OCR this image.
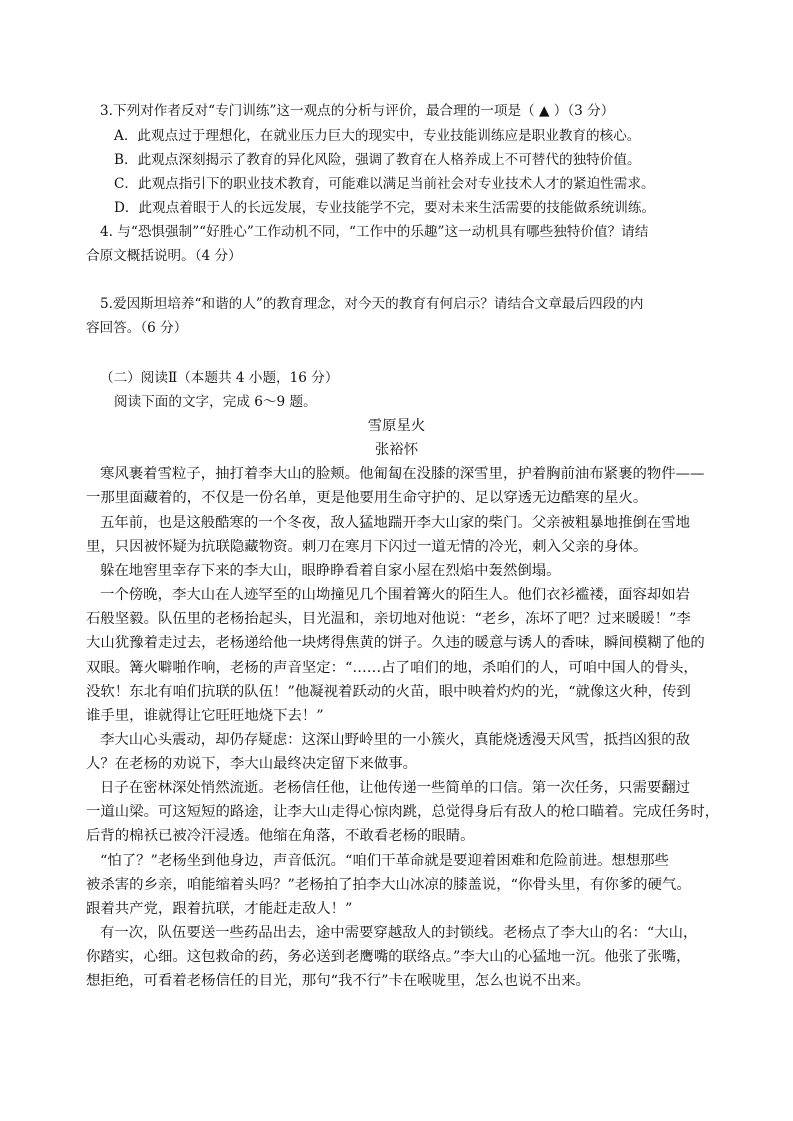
3.下列对作者反对“专门训练”这一观点的分析与评价，最合理的一项是（ ▲ ）（3 分）
A．此观点过于理想化，在就业压力巨大的现实中，专业技能训练应是职业教育的核心。
B．此观点深刻揭示了教育的异化风险，强调了教育在人格养成上不可替代的独特价值。
C．此观点指引下的职业技术教育，可能难以满足当前社会对专业技术人才的紧迫性需求。
D．此观点着眼于人的长远发展，专业技能学不完，要对未来生活需要的技能做系统训练。
4. 与“恐惧强制”“好胜心”工作动机不同，“工作中的乐趣”这一动机具有哪些独特价值？请结
合原文概括说明。（4 分）
5.爱因斯坦培养“和谐的人”的教育理念，对今天的教育有何启示？请结合文章最后四段的内
容回答。（6 分）
（二）阅读Ⅱ（本题共 4 小题，16 分）
阅读下面的文字，完成 6～9 题。
雪原星火
张裕怀
寒风裹着雪粒子，抽打着李大山的脸颊。他匍匐在没膝的深雪里，护着胸前油布紧裹的物件——
一那里面藏着的，不仅是一份名单，更是他要用生命守护的、足以穿透无边酷寒的星火。
五年前，也是这般酷寒的一个冬夜，敌人猛地踹开李大山家的柴门。父亲被粗暴地推倒在雪地
里，只因被怀疑为抗联隐藏物资。刺刀在寒月下闪过一道无情的冷光，刺入父亲的身体。
躲在地窖里幸存下来的李大山，眼睁睁看着自家小屋在烈焰中轰然倒塌。
一个傍晚，李大山在人迹罕至的山坳撞见几个围着篝火的陌生人。他们衣衫褴褛，面容却如岩
石般坚毅。队伍里的老杨抬起头，目光温和，亲切地对他说：“老乡，冻坏了吧？过来暖暖！”李
大山犹豫着走过去，老杨递给他一块烤得焦黄的饼子。久违的暖意与诱人的香味，瞬间模糊了他的
双眼。篝火噼啪作响，老杨的声音坚定：“……占了咱们的地，杀咱们的人，可咱中国人的骨头，
没软！东北有咱们抗联的队伍！”他凝视着跃动的火苗，眼中映着灼灼的光，“就像这火种，传到
谁手里，谁就得让它旺旺地烧下去！”
李大山心头震动，却仍存疑虑：这深山野岭里的一小簇火，真能烧透漫天风雪，抵挡凶狠的敌
人？在老杨的劝说下，李大山最终决定留下来做事。
日子在密林深处悄然流逝。老杨信任他，让他传递一些简单的口信。第一次任务，只需要翻过
一道山梁。可这短短的路途，让李大山走得心惊肉跳，总觉得身后有敌人的枪口瞄着。完成任务时，
后背的棉袄已被冷汗浸透。他缩在角落，不敢看老杨的眼睛。
“怕了？”老杨坐到他身边，声音低沉。“咱们干革命就是要迎着困难和危险前进。想想那些
被杀害的乡亲，咱能缩着头吗？”老杨拍了拍李大山冰凉的膝盖说，“你骨头里，有你爹的硬气。
跟着共产党，跟着抗联，才能赶走敌人！”
有一次，队伍要送一些药品出去，途中需要穿越敌人的封锁线。老杨点了李大山的名：“大山，
你踏实，心细。这包救命的药，务必送到老鹰嘴的联络点。”李大山的心猛地一沉。他张了张嘴，
想拒绝，可看着老杨信任的目光，那句“我不行”卡在喉咙里，怎么也说不出来。
